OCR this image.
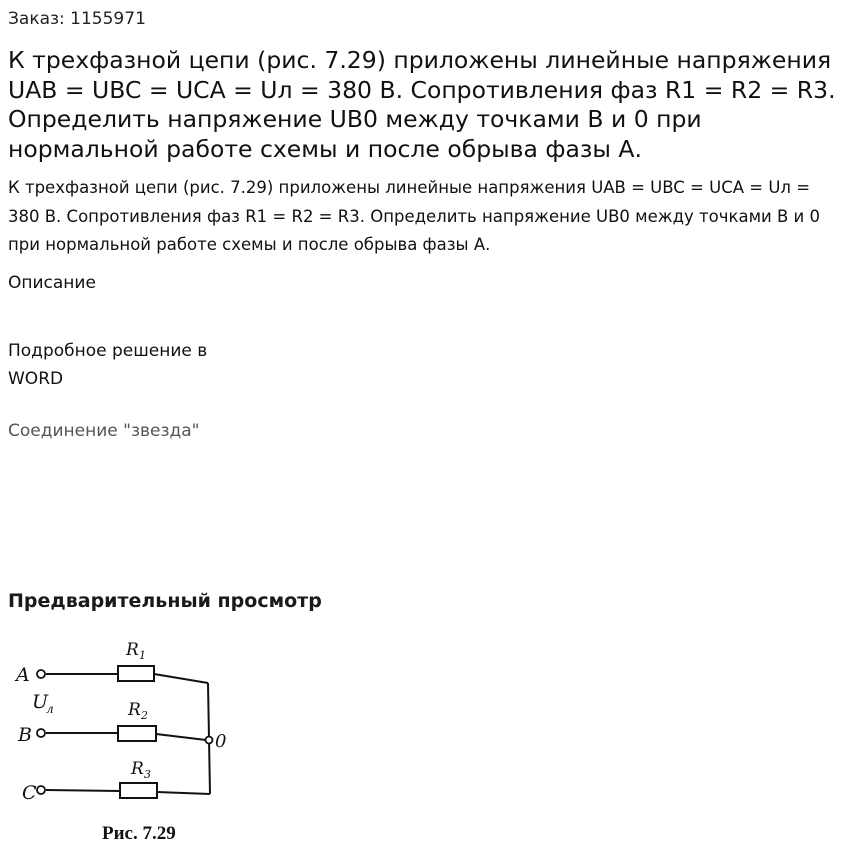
Заказ: 1155971
К трехфазной цепи (рис. 7.29) приложены линейные напряжения UAB = UBC = UCA = Uл = 380 В. Сопротивления фаз R1 = R2 = R3. Определить напряжение UB0 между точками В и 0 при нормальной работе схемы и после обрыва фазы А.
К трехфазной цепи (рис. 7.29) приложены линейные напряжения UAB = UBC = UCA = Uл = 380 В. Сопротивления фаз R1 = R2 = R3. Определить напряжение UB0 между точками В и 0 при нормальной работе схемы и после обрыва фазы А.
Описание
Подробное решение в WORD
Соединение "звезда"
Предварительный просмотр
A
B
C
U
л
R 1
R 2
R 3
0
Рис. 7.29
